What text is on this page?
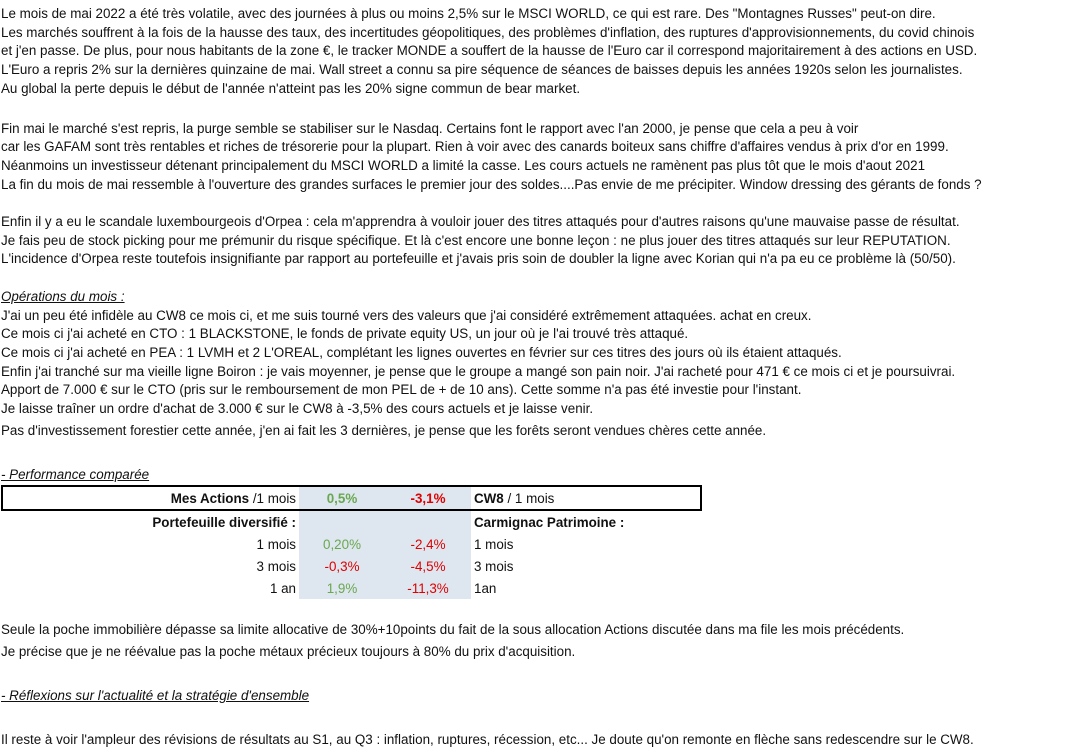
Le mois de mai 2022 a été très volatile, avec des journées à plus ou moins 2,5% sur le MSCI WORLD, ce qui est rare. Des "Montagnes Russes" peut-on dire.
Les marchés souffrent à la fois de la hausse des taux, des incertitudes géopolitiques, des problèmes d'inflation, des ruptures d'approvisionnements, du covid chinois
et j'en passe. De plus, pour nous habitants de la zone €, le tracker MONDE a souffert de la hausse de l'Euro car il correspond majoritairement à des actions en USD.
L'Euro a repris 2% sur la dernières quinzaine de mai. Wall street a connu sa pire séquence de séances de baisses depuis les années 1920s selon les journalistes.
Au global la perte depuis le début de l'année n'atteint pas les 20% signe commun de bear market.
Fin mai le marché s'est repris, la purge semble se stabiliser sur le Nasdaq. Certains font le rapport avec l'an 2000, je pense que cela a peu à voir
car les GAFAM sont très rentables et riches de trésorerie pour la plupart. Rien à voir avec des canards boiteux sans chiffre d'affaires vendus à prix d'or en 1999.
Néanmoins un investisseur détenant principalement du MSCI WORLD a limité la casse. Les cours actuels ne ramènent pas plus tôt que le mois d'aout 2021
La fin du mois de mai ressemble à l'ouverture des grandes surfaces le premier jour des soldes....Pas envie de me précipiter. Window dressing des gérants de fonds ?
Enfin il y a eu le scandale luxembourgeois d'Orpea : cela m'apprendra à vouloir jouer des titres attaqués pour d'autres raisons qu'une mauvaise passe de résultat.
Je fais peu de stock picking pour me prémunir du risque spécifique. Et là c'est encore une bonne leçon : ne plus jouer des titres attaqués sur leur REPUTATION.
L'incidence d'Orpea reste toutefois insignifiante par rapport au portefeuille et j'avais pris soin de doubler la ligne avec Korian qui n'a pa eu ce problème là (50/50).
Opérations du mois :
J'ai un peu été infidèle au CW8 ce mois ci, et me suis tourné vers des valeurs que j'ai considéré extrêmement attaquées. achat en creux.
Ce mois ci j'ai acheté en CTO : 1 BLACKSTONE, le fonds de private equity US, un jour où je l'ai trouvé très attaqué.
Ce mois ci j'ai acheté en PEA : 1 LVMH et 2 L'OREAL, complétant les lignes ouvertes en février sur ces titres des jours où ils étaient attaqués.
Enfin j'ai tranché sur ma vieille ligne Boiron : je vais moyenner, je pense que le groupe a mangé son pain noir. J'ai racheté pour 471 € ce mois ci et je poursuivrai.
Apport de 7.000 € sur le CTO (pris sur le remboursement de mon PEL de + de 10 ans). Cette somme n'a pas été investie pour l'instant.
Je laisse traîner un ordre d'achat de 3.000 € sur le CW8 à -3,5% des cours actuels et je laisse venir.
Pas d'investissement forestier cette année, j'en ai fait les 3 dernières, je pense que les forêts seront vendues chères cette année.
- Performance comparée
Mes Actions /1 mois	0,5%	-3,1%	CW8 / 1 mois
Portefeuille diversifié :			Carmignac Patrimoine :
1 mois	0,20%	-2,4%	1 mois
3 mois	-0,3%	-4,5%	3 mois
1 an	1,9%	-11,3%	1an
Seule la poche immobilière dépasse sa limite allocative de 30%+10points du fait de la sous allocation Actions discutée dans ma file les mois précédents.
Je précise que je ne réévalue pas la poche métaux précieux toujours à 80% du prix d'acquisition.
- Réflexions sur l'actualité et la stratégie d'ensemble
Il reste à voir l'ampleur des révisions de résultats au S1, au Q3 : inflation, ruptures, récession, etc... Je doute qu'on remonte en flèche sans redescendre sur le CW8.
